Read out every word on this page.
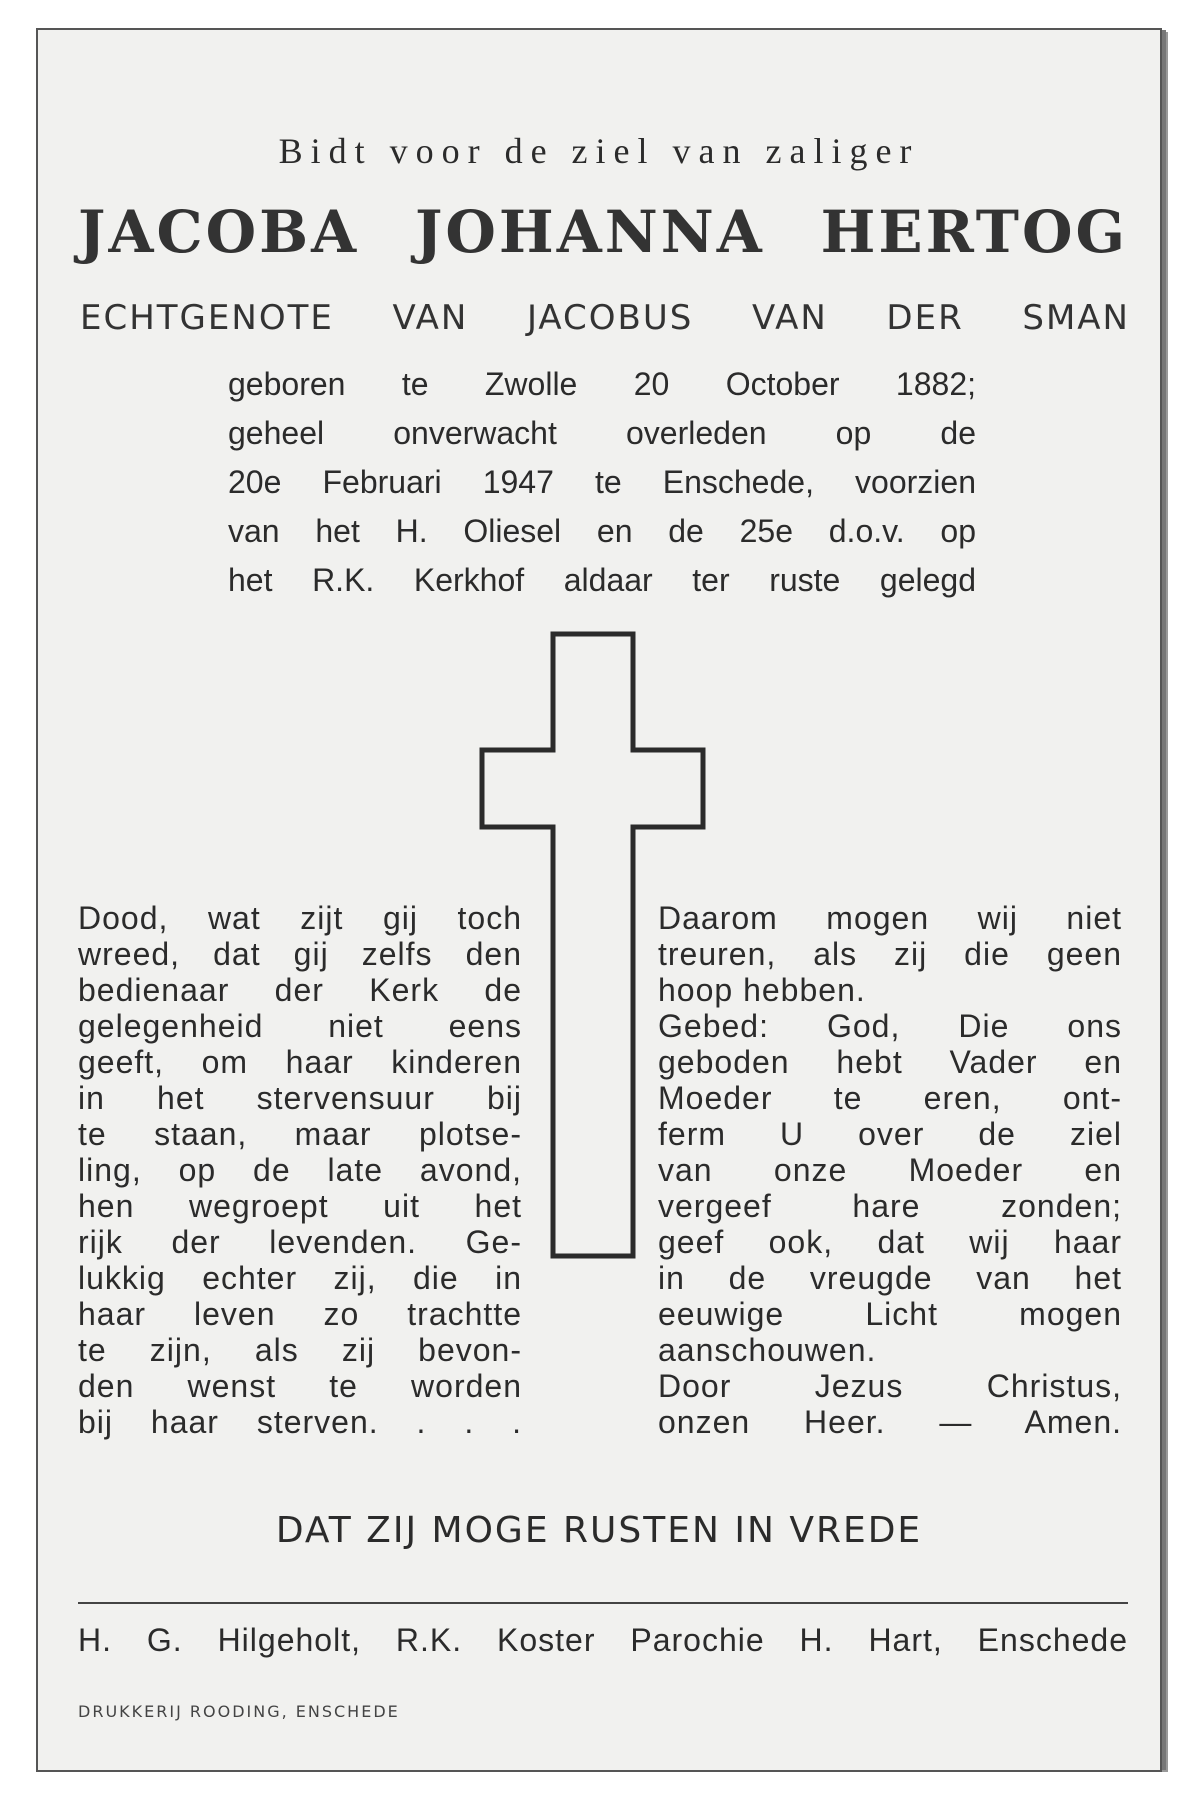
Bidt voor de ziel van zaliger
JACOBA JOHANNA HERTOG
ECHTGENOTE VAN JACOBUS VAN DER SMAN
geboren te Zwolle 20 October 1882;
geheel onverwacht overleden op de
20e Februari 1947 te Enschede, voorzien
van het H. Oliesel en de 25e d.o.v. op
het R.K. Kerkhof aldaar ter ruste gelegd
Dood, wat zijt gij toch
wreed, dat gij zelfs den
bedienaar der Kerk de
gelegenheid niet eens
geeft, om haar kinderen
in het stervensuur bij
te staan, maar plotse-
ling, op de late avond,
hen wegroept uit het
rijk der levenden. Ge-
lukkig echter zij, die in
haar leven zo trachtte
te zijn, als zij bevon-
den wenst te worden
bij haar sterven. . . .
Daarom mogen wij niet
treuren, als zij die geen
hoop hebben.
Gebed: God, Die ons
geboden hebt Vader en
Moeder te eren, ont-
ferm U over de ziel
van onze Moeder en
vergeef hare zonden;
geef ook, dat wij haar
in de vreugde van het
eeuwige Licht mogen
aanschouwen.
Door Jezus Christus,
onzen Heer. — Amen.
DAT ZIJ MOGE RUSTEN IN VREDE
H. G. Hilgeholt, R.K. Koster Parochie H. Hart, Enschede
DRUKKERIJ ROODING, ENSCHEDE
